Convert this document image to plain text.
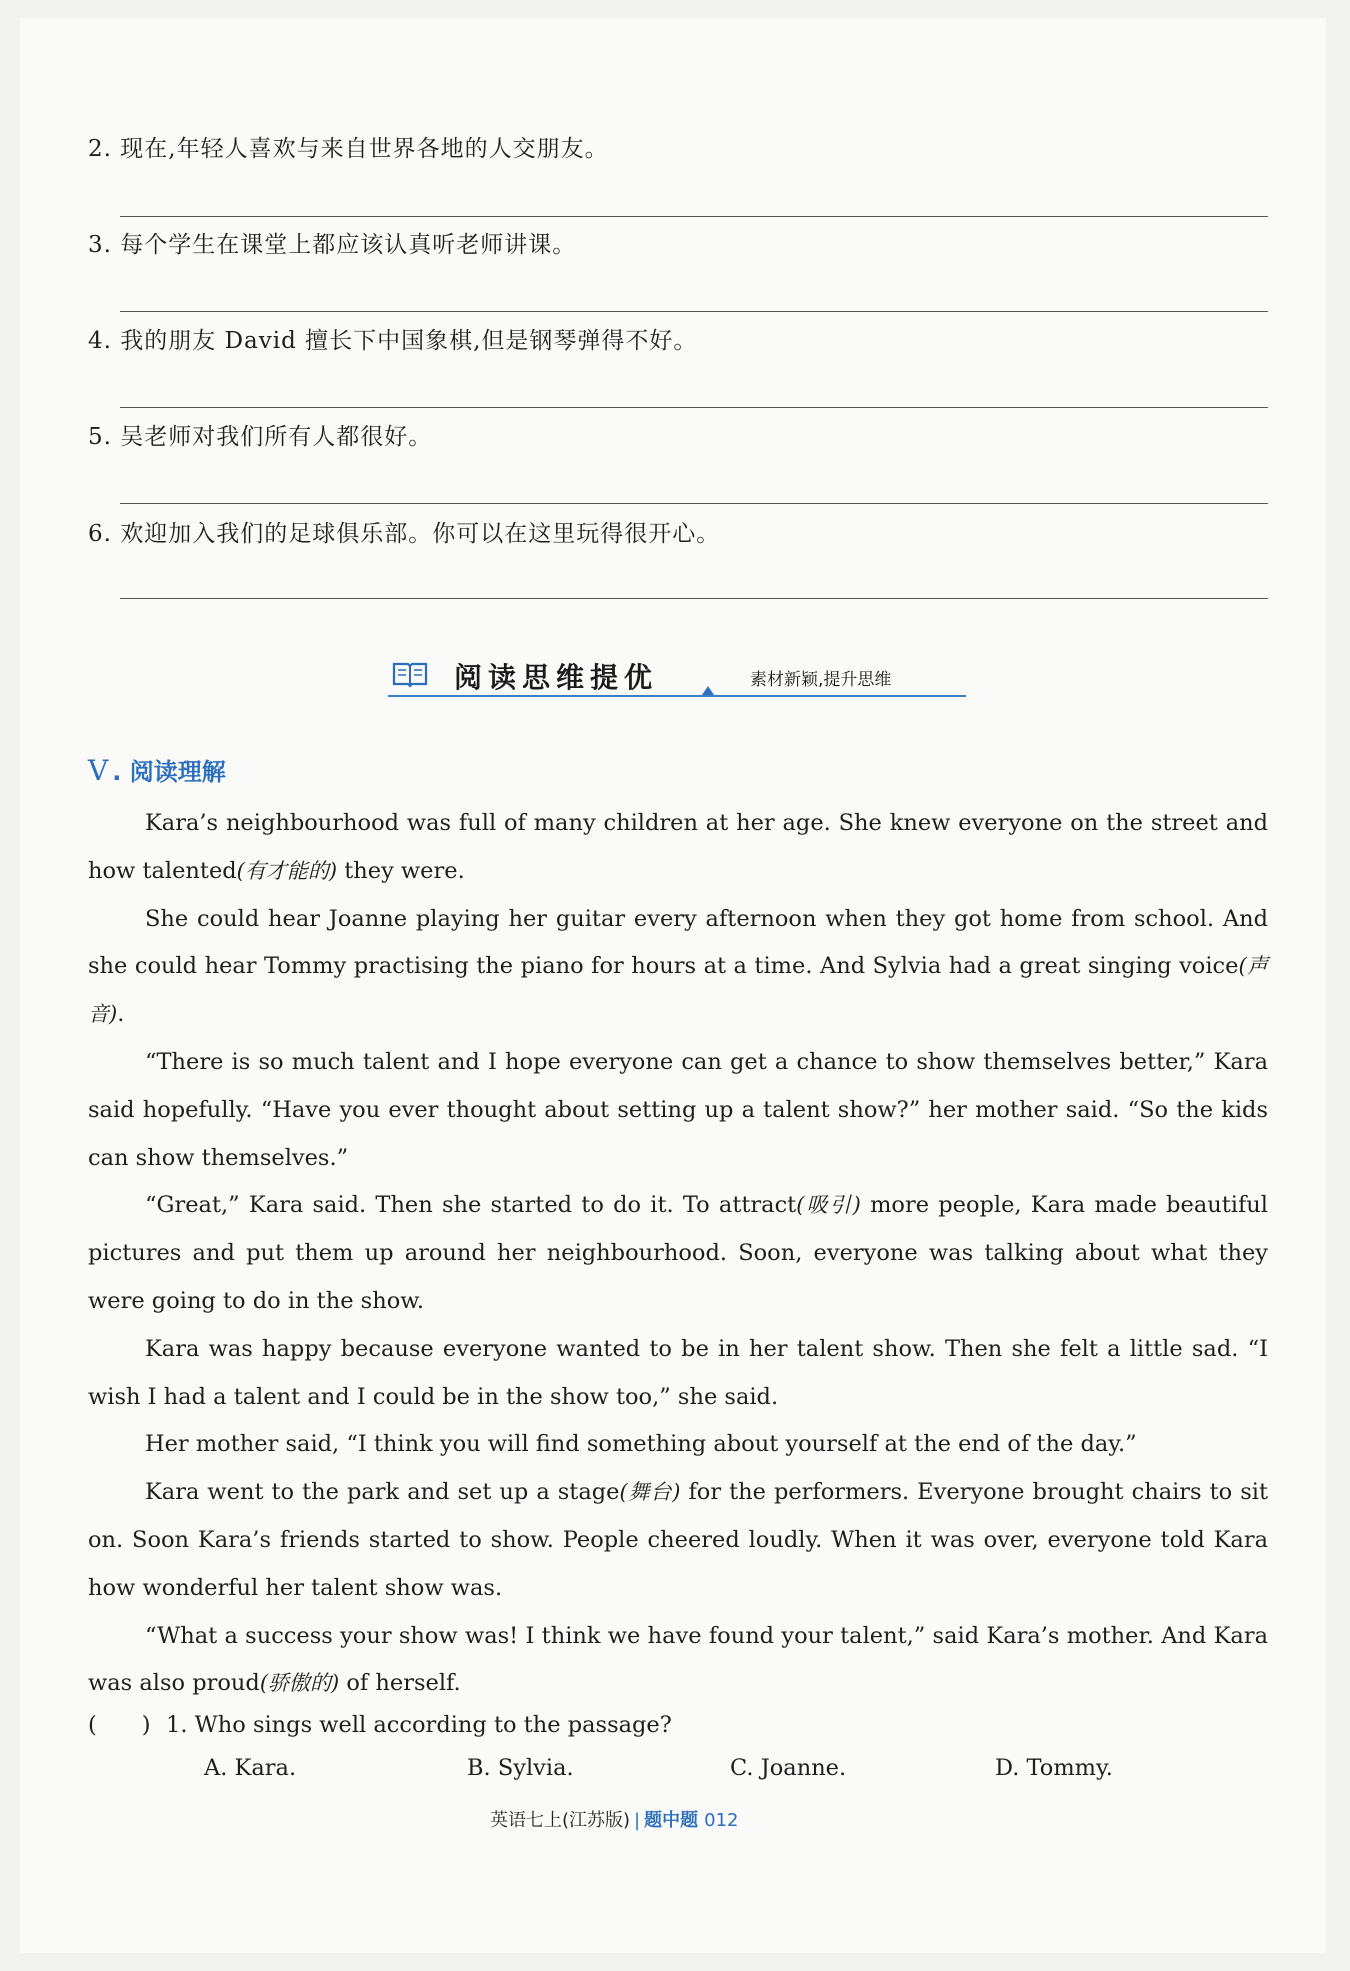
2. 现在,年轻人喜欢与来自世界各地的人交朋友。
3. 每个学生在课堂上都应该认真听老师讲课。
4. 我的朋友 David 擅长下中国象棋,但是钢琴弹得不好。
5. 吴老师对我们所有人都很好。
6. 欢迎加入我们的足球俱乐部。你可以在这里玩得很开心。
阅读思维提优	素材新颖,提升思维
V . 阅读理解

Kara’s neighbourhood was full of many children at her age. She knew everyone on the street and how talented(有才能的) they were.

She could hear Joanne playing her guitar every afternoon when they got home from school. And she could hear Tommy practising the piano for hours at a time. And Sylvia had a great singing voice(声音).

“There is so much talent and I hope everyone can get a chance to show themselves better,” Kara said hopefully. “Have you ever thought about setting up a talent show?” her mother said. “So the kids can show themselves.”

“Great,” Kara said. Then she started to do it. To attract(吸引) more people, Kara made beautiful pictures and put them up around her neighbourhood. Soon, everyone was talking about what they were going to do in the show.

Kara was happy because everyone wanted to be in her talent show. Then she felt a little sad. “I wish I had a talent and I could be in the show too,” she said.

Her mother said, “I think you will find something about yourself at the end of the day.”

Kara went to the park and set up a stage(舞台) for the performers. Everyone brought chairs to sit on. Soon Kara’s friends started to show. People cheered loudly. When it was over, everyone told Kara how wonderful her talent show was.

“What a success your show was! I think we have found your talent,” said Kara’s mother. And Kara was also proud(骄傲的) of herself.

(　　) 1. Who sings well according to the passage?
A. Kara.	B. Sylvia.	C. Joanne.	D. Tommy.
英语七上(江苏版) | 题中题 012
